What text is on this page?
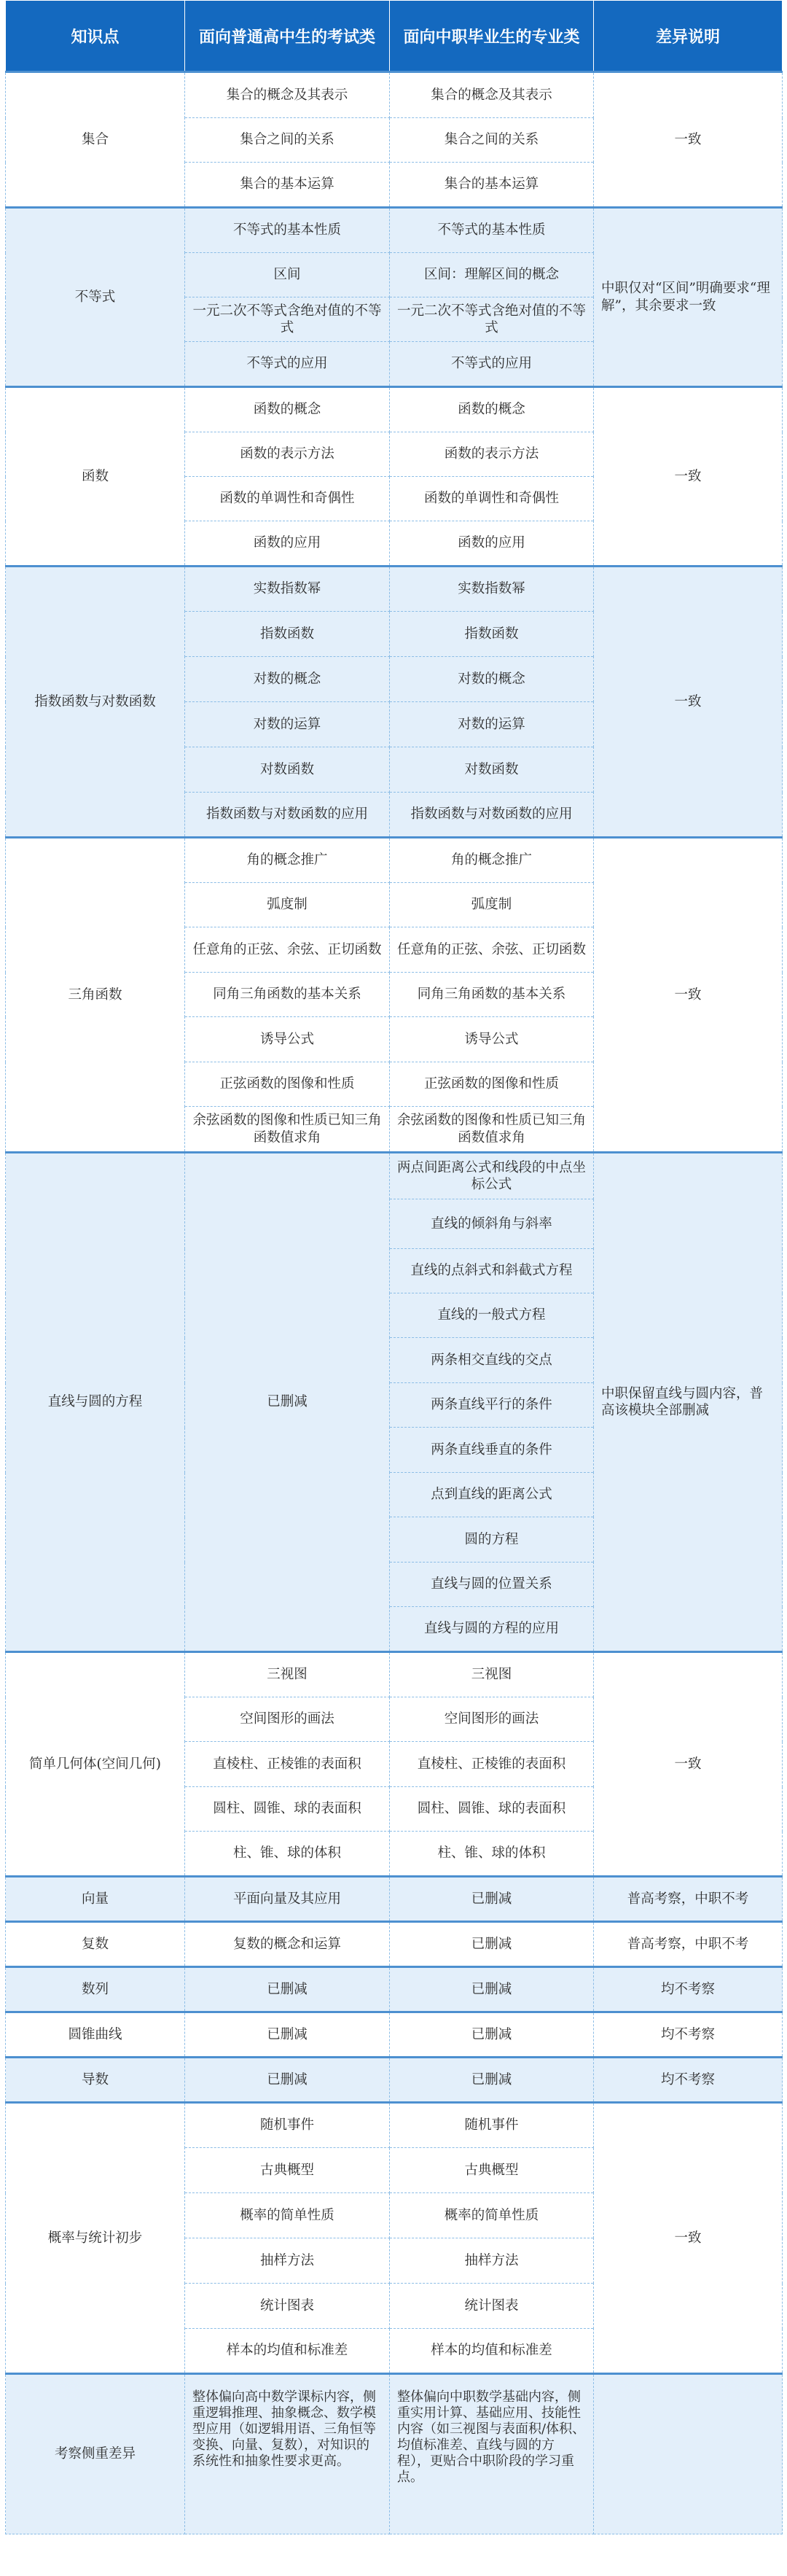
知识点	面向普通高中生的考试类	面向中职毕业生的专业类	差异说明
集合	集合的概念及其表示	集合的概念及其表示	一致
	集合之间的关系	集合之间的关系	
	集合的基本运算	集合的基本运算	
不等式	不等式的基本性质	不等式的基本性质	中职仅对“区间”明确要求“理解”，其余要求一致
	区间	区间：理解区间的概念	
	一元二次不等式含绝对值的不等式	一元二次不等式含绝对值的不等式	
	不等式的应用	不等式的应用	
函数	函数的概念	函数的概念	一致
	函数的表示方法	函数的表示方法	
	函数的单调性和奇偶性	函数的单调性和奇偶性	
	函数的应用	函数的应用	
指数函数与对数函数	实数指数幂	实数指数幂	一致
	指数函数	指数函数	
	对数的概念	对数的概念	
	对数的运算	对数的运算	
	对数函数	对数函数	
	指数函数与对数函数的应用	指数函数与对数函数的应用	
三角函数	角的概念推广	角的概念推广	一致
	弧度制	弧度制	
	任意角的正弦、余弦、正切函数	任意角的正弦、余弦、正切函数	
	同角三角函数的基本关系	同角三角函数的基本关系	
	诱导公式	诱导公式	
	正弦函数的图像和性质	正弦函数的图像和性质	
	余弦函数的图像和性质已知三角函数值求角	余弦函数的图像和性质已知三角函数值求角	
直线与圆的方程	已删减	两点间距离公式和线段的中点坐标公式	中职保留直线与圆内容，普高该模块全部删减
		直线的倾斜角与斜率	
		直线的点斜式和斜截式方程	
		直线的一般式方程	
		两条相交直线的交点	
		两条直线平行的条件	
		两条直线垂直的条件	
		点到直线的距离公式	
		圆的方程	
		直线与圆的位置关系	
		直线与圆的方程的应用	
简单几何体(空间几何)	三视图	三视图	一致
	空间图形的画法	空间图形的画法	
	直棱柱、正棱锥的表面积	直棱柱、正棱锥的表面积	
	圆柱、圆锥、球的表面积	圆柱、圆锥、球的表面积	
	柱、锥、球的体积	柱、锥、球的体积	
向量	平面向量及其应用	已删减	普高考察，中职不考
复数	复数的概念和运算	已删减	普高考察，中职不考
数列	已删减	已删减	均不考察
圆锥曲线	已删减	已删减	均不考察
导数	已删减	已删减	均不考察
概率与统计初步	随机事件	随机事件	一致
	古典概型	古典概型	
	概率的简单性质	概率的简单性质	
	抽样方法	抽样方法	
	统计图表	统计图表	
	样本的均值和标准差	样本的均值和标准差	
考察侧重差异	整体偏向高中数学课标内容，侧重逻辑推理、抽象概念、数学模型应用（如逻辑用语、三角恒等变换、向量、复数），对知识的系统性和抽象性要求更高。	整体偏向中职数学基础内容，侧重实用计算、基础应用、技能性内容（如三视图与表面积/体积、均值标准差、直线与圆的方程），更贴合中职阶段的学习重点。	
